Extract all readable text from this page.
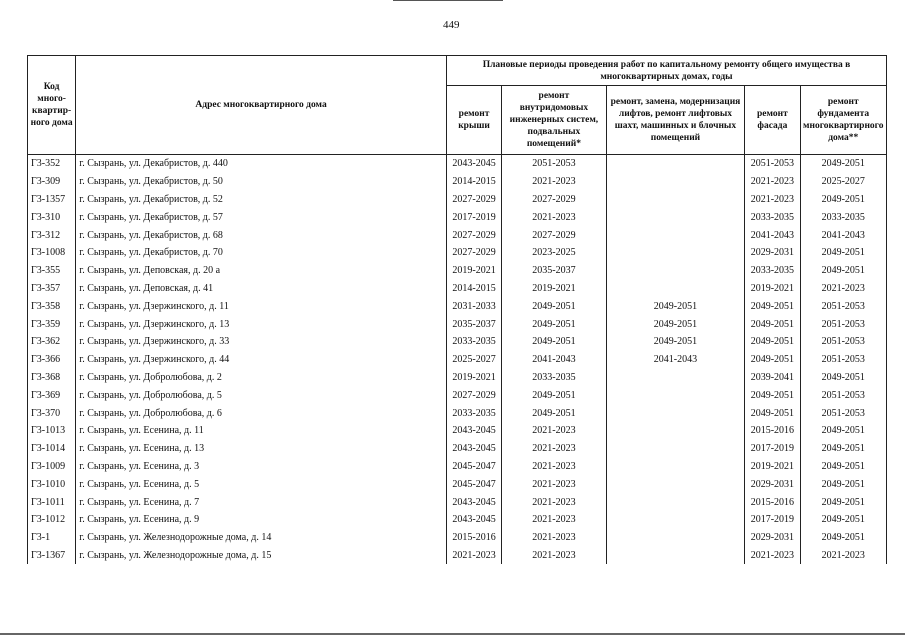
449
Код много-квартир-ного дома	Адрес многоквартирного дома	Плановые периоды проведения работ по капитальному ремонту общего имущества в многоквартирных домах, годы				
		ремонт крыши	ремонт внутридомовых инженерных систем, подвальных помещений*	ремонт, замена, модернизация лифтов, ремонт лифтовых шахт, машинных и блочных помещений	ремонт фасада	ремонт фундамента многоквартирного дома**
Г3-352	г. Сызрань, ул. Декабристов, д. 440	2043-2045	2051-2053		2051-2053	2049-2051
Г3-309	г. Сызрань, ул. Декабристов, д. 50	2014-2015	2021-2023		2021-2023	2025-2027
Г3-1357	г. Сызрань, ул. Декабристов, д. 52	2027-2029	2027-2029		2021-2023	2049-2051
Г3-310	г. Сызрань, ул. Декабристов, д. 57	2017-2019	2021-2023		2033-2035	2033-2035
Г3-312	г. Сызрань, ул. Декабристов, д. 68	2027-2029	2027-2029		2041-2043	2041-2043
Г3-1008	г. Сызрань, ул. Декабристов, д. 70	2027-2029	2023-2025		2029-2031	2049-2051
Г3-355	г. Сызрань, ул. Деповская, д. 20 а	2019-2021	2035-2037		2033-2035	2049-2051
Г3-357	г. Сызрань, ул. Деповская, д. 41	2014-2015	2019-2021		2019-2021	2021-2023
Г3-358	г. Сызрань, ул. Дзержинского, д. 11	2031-2033	2049-2051	2049-2051	2049-2051	2051-2053
Г3-359	г. Сызрань, ул. Дзержинского, д. 13	2035-2037	2049-2051	2049-2051	2049-2051	2051-2053
Г3-362	г. Сызрань, ул. Дзержинского, д. 33	2033-2035	2049-2051	2049-2051	2049-2051	2051-2053
Г3-366	г. Сызрань, ул. Дзержинского, д. 44	2025-2027	2041-2043	2041-2043	2049-2051	2051-2053
Г3-368	г. Сызрань, ул. Добролюбова, д. 2	2019-2021	2033-2035		2039-2041	2049-2051
Г3-369	г. Сызрань, ул. Добролюбова, д. 5	2027-2029	2049-2051		2049-2051	2051-2053
Г3-370	г. Сызрань, ул. Добролюбова, д. 6	2033-2035	2049-2051		2049-2051	2051-2053
Г3-1013	г. Сызрань, ул. Есенина, д. 11	2043-2045	2021-2023		2015-2016	2049-2051
Г3-1014	г. Сызрань, ул. Есенина, д. 13	2043-2045	2021-2023		2017-2019	2049-2051
Г3-1009	г. Сызрань, ул. Есенина, д. 3	2045-2047	2021-2023		2019-2021	2049-2051
Г3-1010	г. Сызрань, ул. Есенина, д. 5	2045-2047	2021-2023		2029-2031	2049-2051
Г3-1011	г. Сызрань, ул. Есенина, д. 7	2043-2045	2021-2023		2015-2016	2049-2051
Г3-1012	г. Сызрань, ул. Есенина, д. 9	2043-2045	2021-2023		2017-2019	2049-2051
Г3-1	г. Сызрань, ул. Железнодорожные дома, д. 14	2015-2016	2021-2023		2029-2031	2049-2051
Г3-1367	г. Сызрань, ул. Железнодорожные дома, д. 15	2021-2023	2021-2023		2021-2023	2021-2023
